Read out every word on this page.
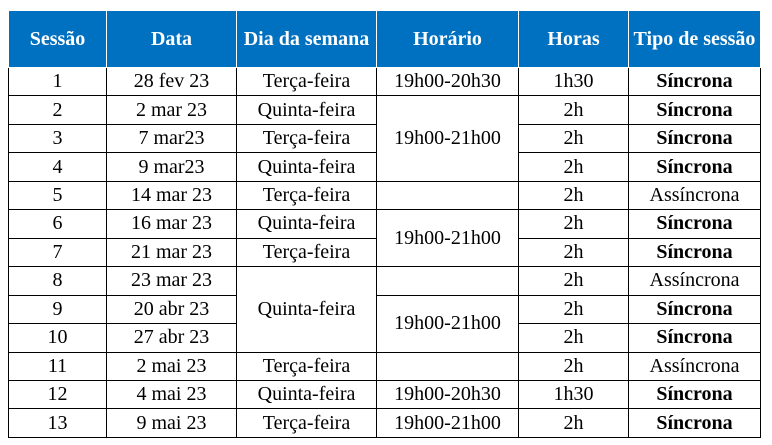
Sessão	Data	Dia da semana	Horário	Horas	Tipo de sessão
1	28 fev 23	Terça-feira	19h00-20h30	1h30	Síncrona
2	2 mar 23	Quinta-feira	19h00-21h00	2h	Síncrona
3	7 mar23	Terça-feira		2h	Síncrona
4	9 mar23	Quinta-feira		2h	Síncrona
5	14 mar 23	Terça-feira		2h	Assíncrona
6	16 mar 23	Quinta-feira	19h00-21h00	2h	Síncrona
7	21 mar 23	Terça-feira		2h	Síncrona
8	23 mar 23	Quinta-feira		2h	Assíncrona
9	20 abr 23		19h00-21h00	2h	Síncrona
10	27 abr 23			2h	Síncrona
11	2 mai 23	Terça-feira		2h	Assíncrona
12	4 mai 23	Quinta-feira	19h00-20h30	1h30	Síncrona
13	9 mai 23	Terça-feira	19h00-21h00	2h	Síncrona
